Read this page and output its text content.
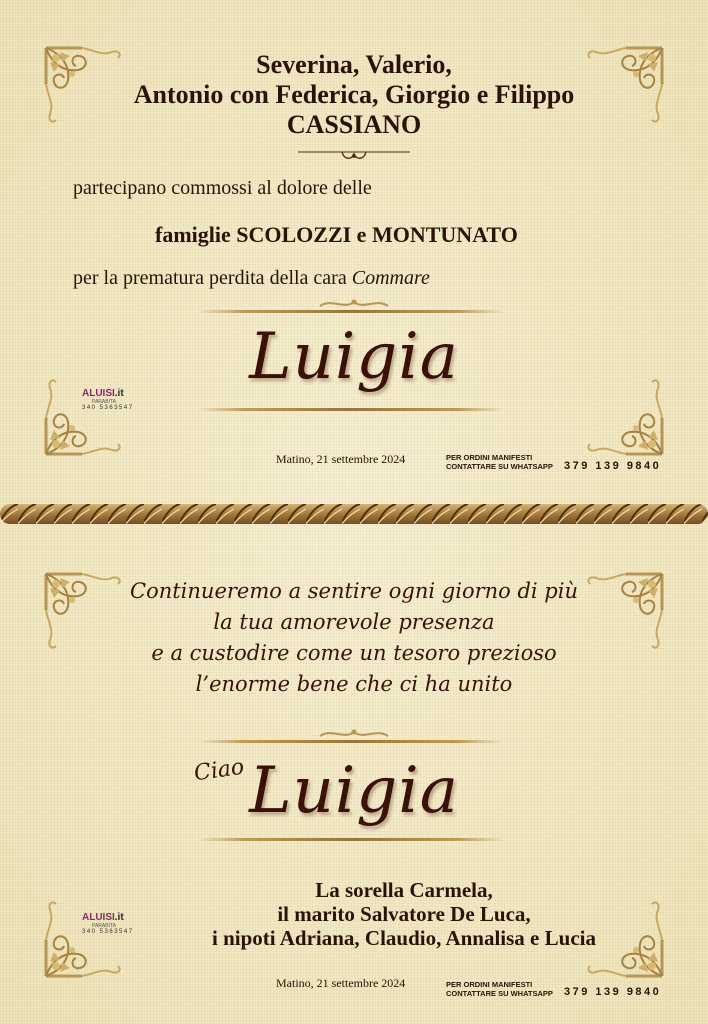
Severina, Valerio,
Antonio con Federica, Giorgio e Filippo
CASSIANO
partecipano commossi al dolore delle
famiglie SCOLOZZI e MONTUNATO
per la prematura perdita della cara Commare
Luigia
ALUISI.it
PARABITA
340 5363547
Matino, 21 settembre 2024	PER ORDINI MANIFESTI
CONTATTARE SU WHATSAPP 379 139 9840
Continueremo a sentire ogni giorno di più
la tua amorevole presenza
e a custodire come un tesoro prezioso
l’enorme bene che ci ha unito
Ciao Luigia
La sorella Carmela,
il marito Salvatore De Luca,
i nipoti Adriana, Claudio, Annalisa e Lucia
ALUISI.it
PARABITA
340 5363547
Matino, 21 settembre 2024	PER ORDINI MANIFESTI
CONTATTARE SU WHATSAPP 379 139 9840
